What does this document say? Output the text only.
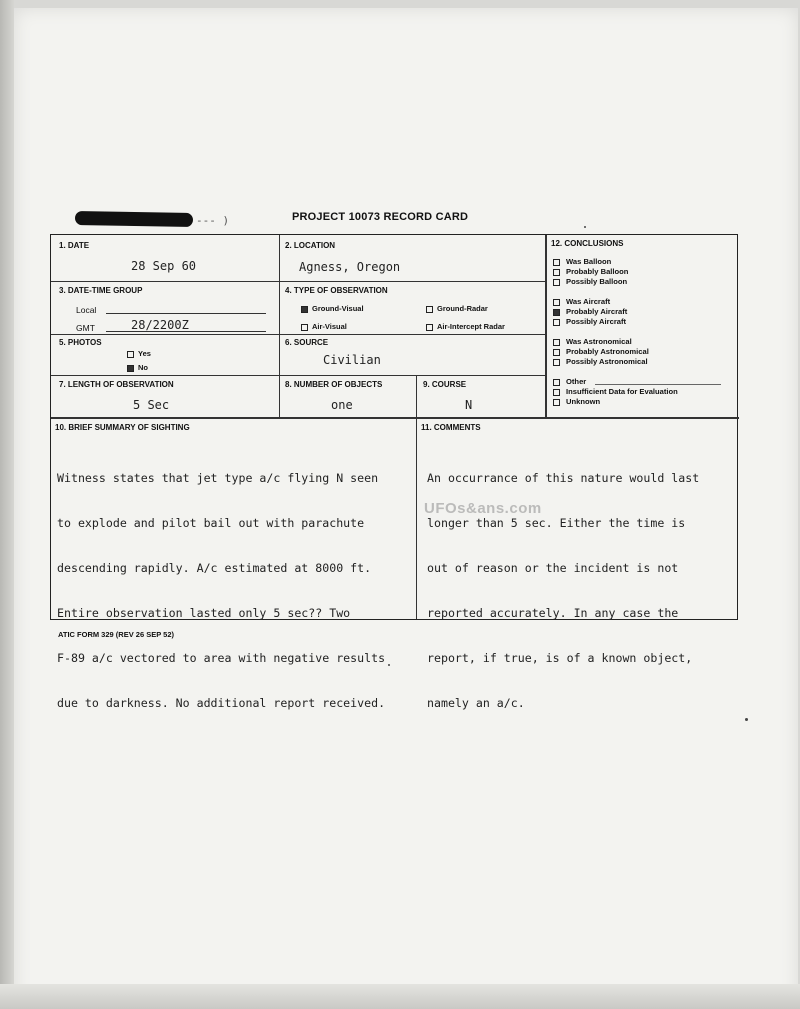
--- )	PROJECT 10073 RECORD CARD
1. DATE
28 Sep 60
2. LOCATION
Agness, Oregon
3. DATE-TIME GROUP
Local
GMT	28/2200Z
4. TYPE OF OBSERVATION
Ground-Visual	Ground-Radar
Air-Visual	Air-Intercept Radar
5. PHOTOS
Yes
No
6. SOURCE
Civilian
7. LENGTH OF OBSERVATION
5 Sec
8. NUMBER OF OBJECTS
one
9. COURSE
N
12. CONCLUSIONS
Was Balloon
Probably Balloon
Possibly Balloon
Was Aircraft
Probably Aircraft
Possibly Aircraft
Was Astronomical
Probably Astronomical
Possibly Astronomical
Other
Insufficient Data for Evaluation
Unknown
10. BRIEF SUMMARY OF SIGHTING

Witness states that jet type a/c flying N seen

to explode and pilot bail out with parachute

descending rapidly. A/c estimated at 8000 ft.

Entire observation lasted only 5 sec?? Two

F-89 a/c vectored to area with negative results

due to darkness. No additional report received.

11. COMMENTS

An occurrance of this nature would last

longer than 5 sec. Either the time is

out of reason or the incident is not

reported accurately. In any case the

report, if true, is of a known object,

namely an a/c.

UFOs&ans.com
ATIC FORM 329 (REV 26 SEP 52)
